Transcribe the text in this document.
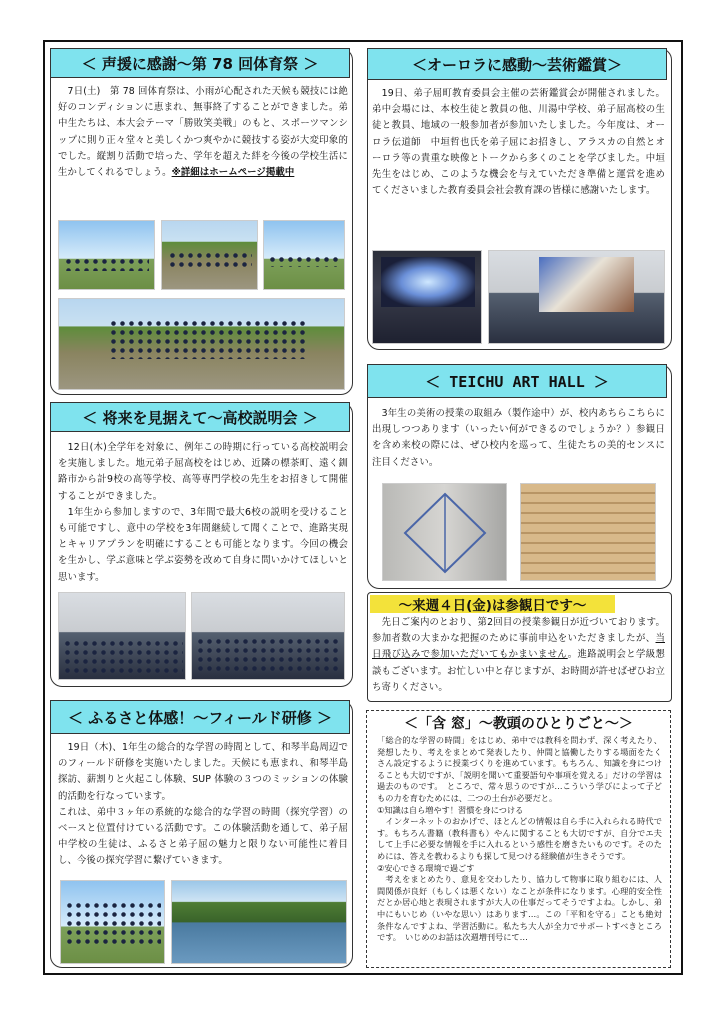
＜ 声援に感謝～第 78 回体育祭 ＞
　7日(土)　第 78 回体育祭は、小雨が心配された天候も競技には絶好のコンディションに恵まれ、無事終了することができました。弟中生たちは、本大会テーマ「勝敗笑美戦」のもと、スポーツマンシップに則り正々堂々と美しくかつ爽やかに競技する姿が大変印象的でした。縦割り活動で培った、学年を超えた絆を今後の学校生活に生かしてくれるでしょう。※詳細はホームページ掲載中
＜オーロラに感動～芸術鑑賞＞
　19日、弟子屈町教育委員会主催の芸術鑑賞会が開催されました。弟中会場には、本校生徒と教員の他、川湯中学校、弟子屈高校の生徒と教員、地域の一般参加者が参加いたしました。今年度は、オーロラ伝道師　中垣哲也氏を弟子屈にお招きし、アラスカの自然とオーロラ等の貴重な映像とトークから多くのことを学びました。中垣先生をはじめ、このような機会を与えていただき準備と運営を進めてくださいました教育委員会社会教育課の皆様に感謝いたします。
＜ 将来を見据えて～高校説明会 ＞
　12日(木)全学年を対象に、例年この時期に行っている高校説明会を実施しました。地元弟子屈高校をはじめ、近隣の標茶町、遠く釧路市から計9校の高等学校、高等専門学校の先生をお招きして開催することができました。
　1年生から参加しますので、3年間で最大6校の説明を受けることも可能ですし、意中の学校を3年間継続して聞くことで、進路実現とキャリアプランを明確にすることも可能となります。今回の機会を生かし、学ぶ意味と学ぶ姿勢を改めて自身に問いかけてほしいと思います。
＜ TEICHU ART HALL ＞
　3年生の美術の授業の取組み（製作途中）が、校内あちらこちらに出現しつつあります（いったい何ができるのでしょうか？）参観日を含め来校の際には、ぜひ校内を巡って、生徒たちの美的センスに注目ください。
～来週４日(金)は参観日です～
　先日ご案内のとおり、第2回目の授業参観日が近づいております。参加者数の大まかな把握のために事前申込をいただきましたが、当日飛び込みで参加いただいてもかまいません。進路説明会と学級懇談もございます。お忙しい中と存じますが、お時間が許せばぜひお立ち寄りください。
＜ ふるさと体感！～フィールド研修 ＞
　19日（木)、1年生の総合的な学習の時間として、和琴半島周辺でのフィールド研修を実施いたしました。天候にも恵まれ、和琴半島探訪、薪割りと火起こし体験、SUP 体験の３つのミッションの体験的活動を行なっています。
これは、弟中３ヶ年の系統的な総合的な学習の時間（探究学習）のベースと位置付けている活動です。この体験活動を通して、弟子屈中学校の生徒は、ふるさと弟子屈の魅力と限りない可能性に着目し、今後の探究学習に繋げていきます。
＜「含 窓」～教頭のひとりごと～＞
「総合的な学習の時間」をはじめ、弟中では教科を問わず、深く考えたり、発想したり、考えをまとめて発表したり、仲間と協働したりする場面をたくさん設定するように授業づくりを進めています。もちろん、知識を身につけることも大切ですが、「説明を聞いて重要語句や事項を覚える」だけの学習は過去のものです。　ところで、常々思うのですが…こういう学びによって子どもの力を育むためには、二つの土台が必要だと。
①知識は自ら増やす！習慣を身につける
　インターネットのおかげで、ほとんどの情報は自ら手に入れられる時代です。もちろん書籍（教科書も）やんに関することも大切ですが、自分でエ夫して上手に必要な情報を手に入れるという感性を磨きたいものです。そのためには、答えを教わるよりも探して見つける経験値が生きそうです。
②安心できる環境で過ごす
　考えをまとめたり、意見を交わしたり、協力して物事に取り組むには、人間関係が良好（もしくは悪くない）なことが条件になります。心理的安全性だとか居心地と表現されますが大人の仕事だってそうですよね。しかし、弟中にもいじめ（いやな思い）はあります…。この「平和を守る」ことも絶対条件なんですよね、学習活動に。私たち大人が全力でサポートすべきところです。　いじめのお話は次週増刊号にて…
